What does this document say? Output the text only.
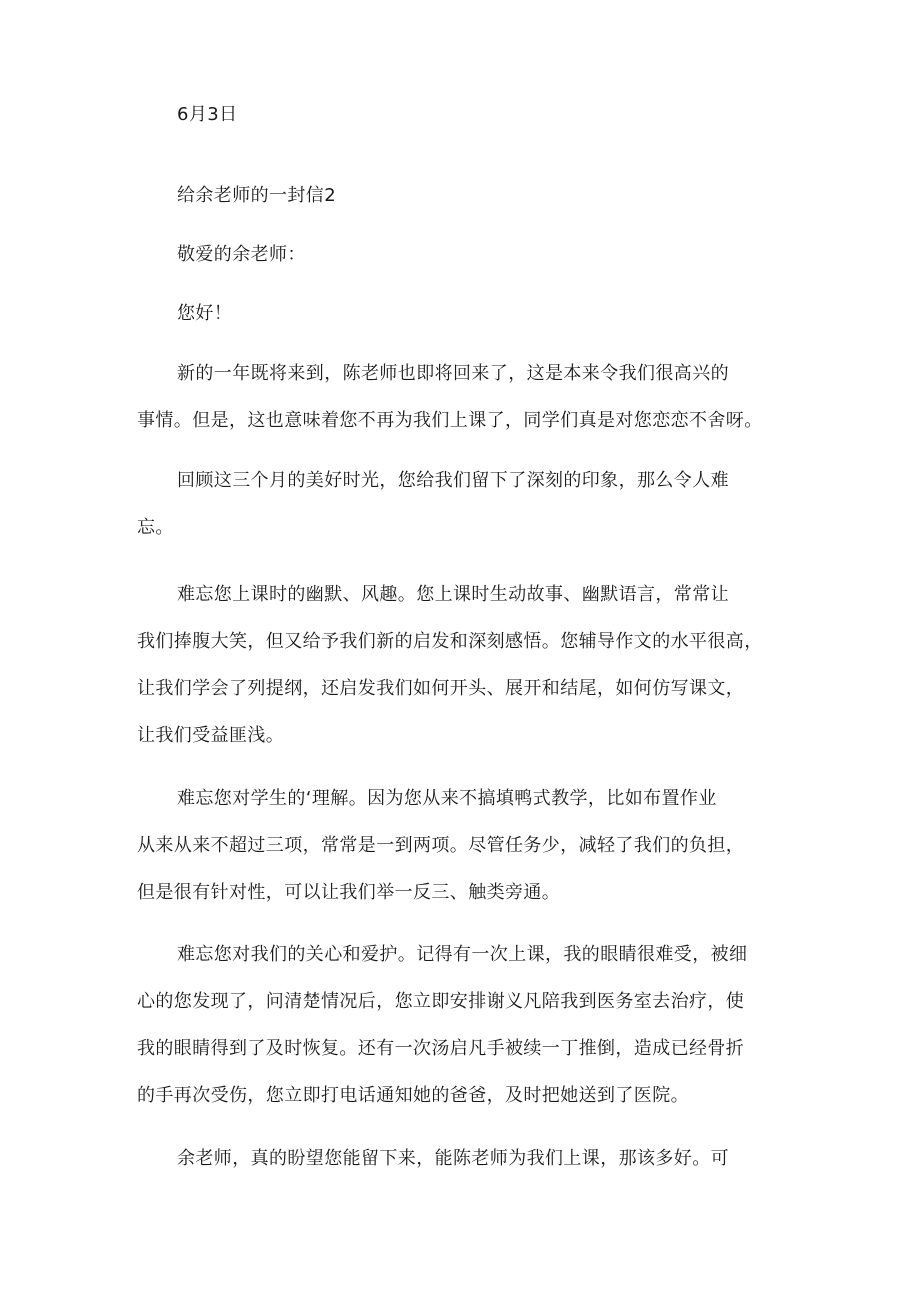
6月3日
给余老师的一封信2
敬爱的余老师：
您好！
新的一年既将来到，陈老师也即将回来了，这是本来令我们很高兴的
事情。但是，这也意味着您不再为我们上课了，同学们真是对您恋恋不舍呀。
回顾这三个月的美好时光，您给我们留下了深刻的印象，那么令人难
忘。
难忘您上课时的幽默、风趣。您上课时生动故事、幽默语言，常常让
我们捧腹大笑，但又给予我们新的启发和深刻感悟。您辅导作文的水平很高，
让我们学会了列提纲，还启发我们如何开头、展开和结尾，如何仿写课文，
让我们受益匪浅。
难忘您对学生的‘理解。因为您从来不搞填鸭式教学，比如布置作业
从来从来不超过三项，常常是一到两项。尽管任务少，减轻了我们的负担，
但是很有针对性，可以让我们举一反三、触类旁通。
难忘您对我们的关心和爱护。记得有一次上课，我的眼睛很难受，被细
心的您发现了，问清楚情况后，您立即安排谢义凡陪我到医务室去治疗，使
我的眼睛得到了及时恢复。还有一次汤启凡手被续一丁推倒，造成已经骨折
的手再次受伤，您立即打电话通知她的爸爸，及时把她送到了医院。
余老师，真的盼望您能留下来，能陈老师为我们上课，那该多好。可
